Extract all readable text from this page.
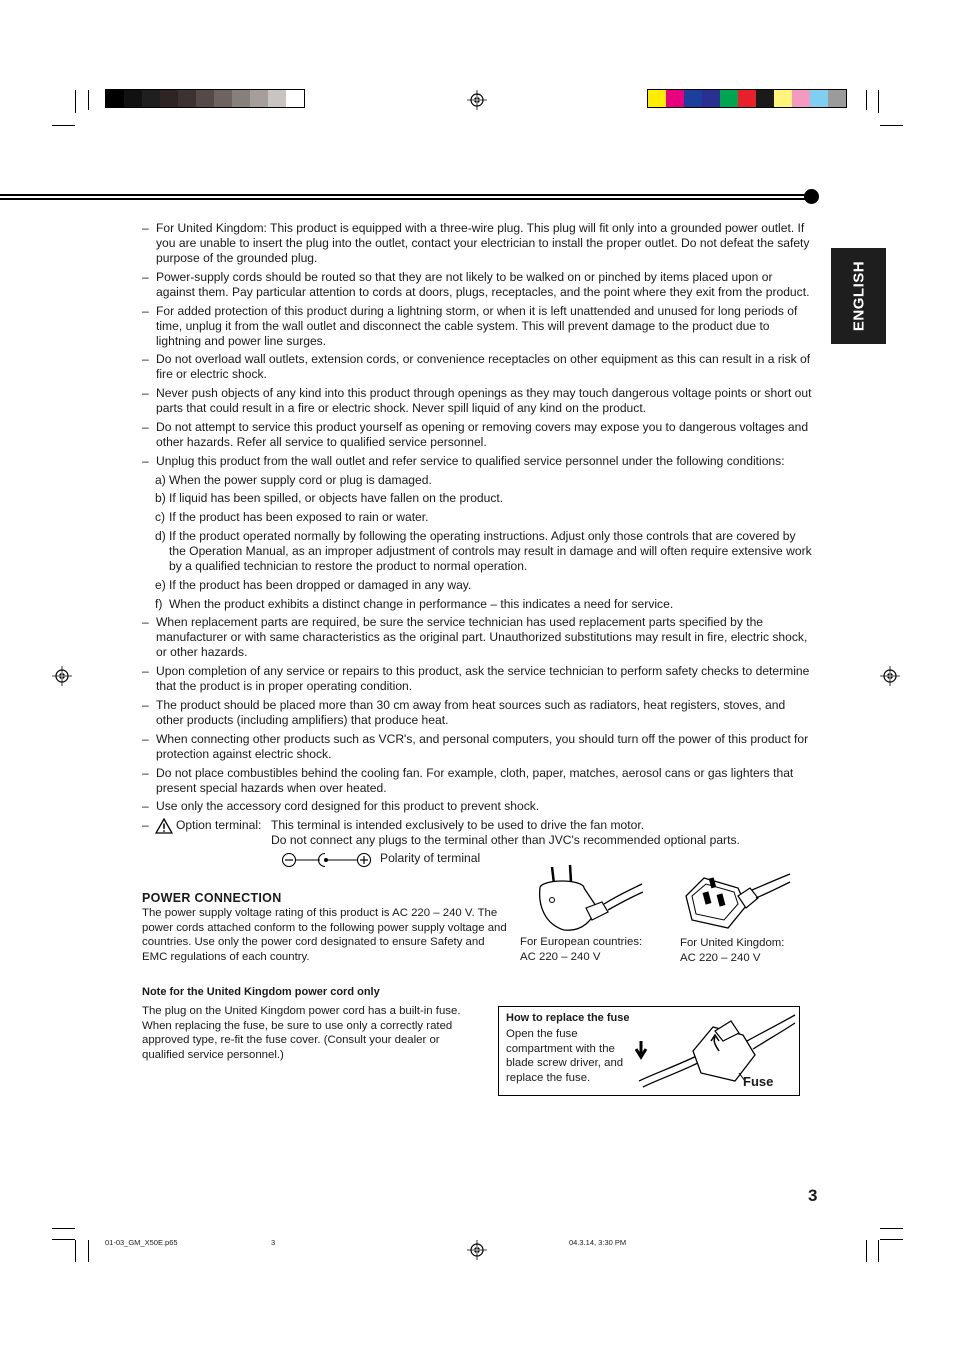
ENGLISH
– For United Kingdom: This product is equipped with a three-wire plug. This plug will fit only into a grounded power outlet. If you are unable to insert the plug into the outlet, contact your electrician to install the proper outlet. Do not defeat the safety purpose of the grounded plug.
– Power-supply cords should be routed so that they are not likely to be walked on or pinched by items placed upon or against them. Pay particular attention to cords at doors, plugs, receptacles, and the point where they exit from the product.
– For added protection of this product during a lightning storm, or when it is left unattended and unused for long periods of time, unplug it from the wall outlet and disconnect the cable system. This will prevent damage to the product due to lightning and power line surges.
– Do not overload wall outlets, extension cords, or convenience receptacles on other equipment as this can result in a risk of fire or electric shock.
– Never push objects of any kind into this product through openings as they may touch dangerous voltage points or short out parts that could result in a fire or electric shock. Never spill liquid of any kind on the product.
– Do not attempt to service this product yourself as opening or removing covers may expose you to dangerous voltages and other hazards. Refer all service to qualified service personnel.
– Unplug this product from the wall outlet and refer service to qualified service personnel under the following conditions:
a) When the power supply cord or plug is damaged.
b) If liquid has been spilled, or objects have fallen on the product.
c) If the product has been exposed to rain or water.
d) If the product operated normally by following the operating instructions. Adjust only those controls that are covered by the Operation Manual, as an improper adjustment of controls may result in damage and will often require extensive work by a qualified technician to restore the product to normal operation.
e) If the product has been dropped or damaged in any way.
f) When the product exhibits a distinct change in performance – this indicates a need for service.
– When replacement parts are required, be sure the service technician has used replacement parts specified by the manufacturer or with same characteristics as the original part. Unauthorized substitutions may result in fire, electric shock, or other hazards.
– Upon completion of any service or repairs to this product, ask the service technician to perform safety checks to determine that the product is in proper operating condition.
– The product should be placed more than 30 cm away from heat sources such as radiators, heat registers, stoves, and other products (including amplifiers) that produce heat.
– When connecting other products such as VCR's, and personal computers, you should turn off the power of this product for protection against electric shock.
– Do not place combustibles behind the cooling fan. For example, cloth, paper, matches, aerosol cans or gas lighters that present special hazards when over heated.
– Use only the accessory cord designed for this product to prevent shock.
– Option terminal: This terminal is intended exclusively to be used to drive the fan motor.
Do not connect any plugs to the terminal other than JVC's recommended optional parts.
Polarity of terminal
POWER CONNECTION
The power supply voltage rating of this product is AC 220 – 240 V. The power cords attached conform to the following power supply voltage and countries. Use only the power cord designated to ensure Safety and EMC regulations of each country.
For European countries:
AC 220 – 240 V
For United Kingdom:
AC 220 – 240 V
Note for the United Kingdom power cord only
The plug on the United Kingdom power cord has a built-in fuse. When replacing the fuse, be sure to use only a correctly rated approved type, re-fit the fuse cover. (Consult your dealer or qualified service personnel.)
How to replace the fuse
Open the fuse compartment with the blade screw driver, and replace the fuse.	Fuse
3
01-03_GM_X50E.p65	3	04.3.14, 3:30 PM
